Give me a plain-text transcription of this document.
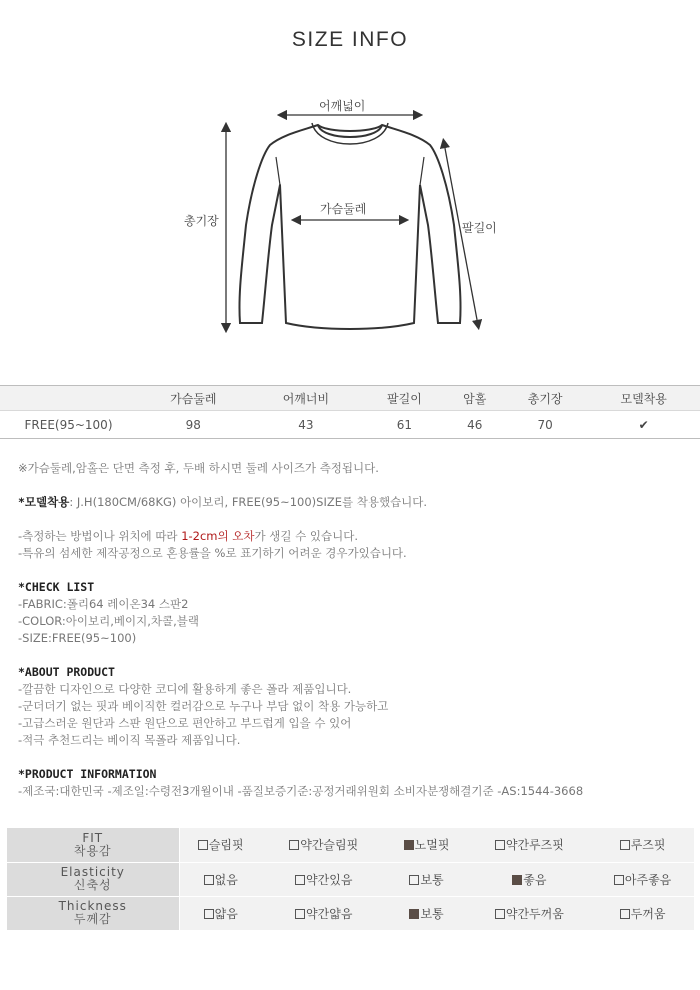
SIZE INFO
어깨넓이
가슴둘레
총기장	팔길이
	가슴둘레	어깨너비	팔길이	암홀	총기장	모델착용
FREE(95~100)	98	43	61	46	70	✔

※가슴둘레,암홀은 단면 측정 후, 두배 하시면 둘레 사이즈가 측정됩니다.

*모델착용: J.H(180CM/68KG) 아이보리, FREE(95~100)SIZE를 착용했습니다.

-측정하는 방법이나 위치에 따라 1-2cm의 오차가 생길 수 있습니다.

-특유의 섬세한 제작공정으로 혼용률을 %로 표기하기 어려운 경우가있습니다.

*CHECK LIST

-FABRIC:폴리64 레이온34 스판2

-COLOR:아이보리,베이지,차콜,블랙

-SIZE:FREE(95~100)

*ABOUT PRODUCT

-깔끔한 디자인으로 다양한 코디에 활용하게 좋은 폴라 제품입니다.

-군더더기 없는 핏과 베이직한 컬러감으로 누구나 부담 없이 착용 가능하고

-고급스러운 원단과 스판 원단으로 편안하고 부드럽게 입을 수 있어

-적극 추천드리는 베이직 목폴라 제품입니다.

*PRODUCT INFORMATION

-제조국:대한민국 -제조일:수령전3개월이내 -품질보증기준:공정거래위원회 소비자분쟁해결기준 -AS:1544-3668

FIT
착용감	슬림핏	약간슬림핏	노멀핏	약간루즈핏	루즈핏

Elasticity
신축성	없음	약간있음	보통	좋음	아주좋음

Thickness
두께감	얇음	약간얇음	보통	약간두꺼움	두꺼움
